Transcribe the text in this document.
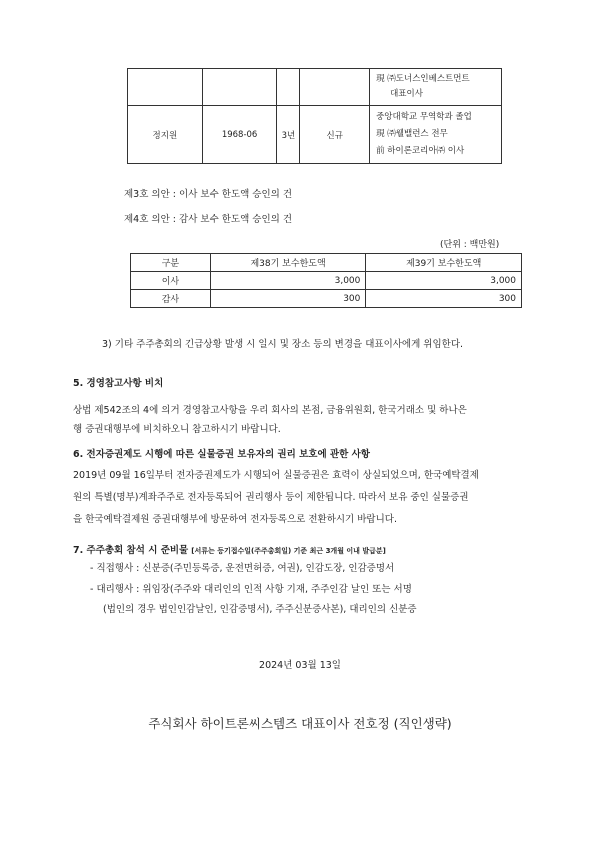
				現 ㈜도너스인베스트먼트
대표이사

정지원	1968-06	3년	신규	중앙대학교 무역학과 졸업
現 ㈜웰밸런스 전무
前 하이론코리아㈜ 이사
제3호 의안 : 이사 보수 한도액 승인의 건
제4호 의안 : 감사 보수 한도액 승인의 건
(단위 : 백만원)
구분	제38기 보수한도액	제39기 보수한도액
이사	3,000	3,000
감사	300	300
3) 기타 주주총회의 긴급상황 발생 시 일시 및 장소 등의 변경을 대표이사에게 위임한다.
5. 경영참고사항 비치
상법 제542조의 4에 의거 경영참고사항을 우리 회사의 본점, 금융위원회, 한국거래소 및 하나은
행 증권대행부에 비치하오니 참고하시기 바랍니다.
6. 전자증권제도 시행에 따른 실물증권 보유자의 권리 보호에 관한 사항
2019년 09월 16일부터 전자증권제도가 시행되어 실물증권은 효력이 상실되었으며, 한국예탁결제
원의 특별(명부)계좌주주로 전자등록되어 권리행사 등이 제한됩니다. 따라서 보유 중인 실물증권
을 한국예탁결제원 증권대행부에 방문하여 전자등록으로 전환하시기 바랍니다.
7. 주주총회 참석 시 준비물 [서류는 등기접수일(주주총회일) 기준 최근 3개월 이내 발급분]
- 직접행사 : 신분증(주민등록증, 운전면허증, 여권), 인감도장, 인감증명서
- 대리행사 : 위임장(주주와 대리인의 인적 사항 기재, 주주인감 날인 또는 서명
(법인의 경우 법인인감날인, 인감증명서), 주주신분증사본), 대리인의 신분증
2024년 03월 13일
주식회사 하이트론씨스템즈 대표이사 전호정 (직인생략)
